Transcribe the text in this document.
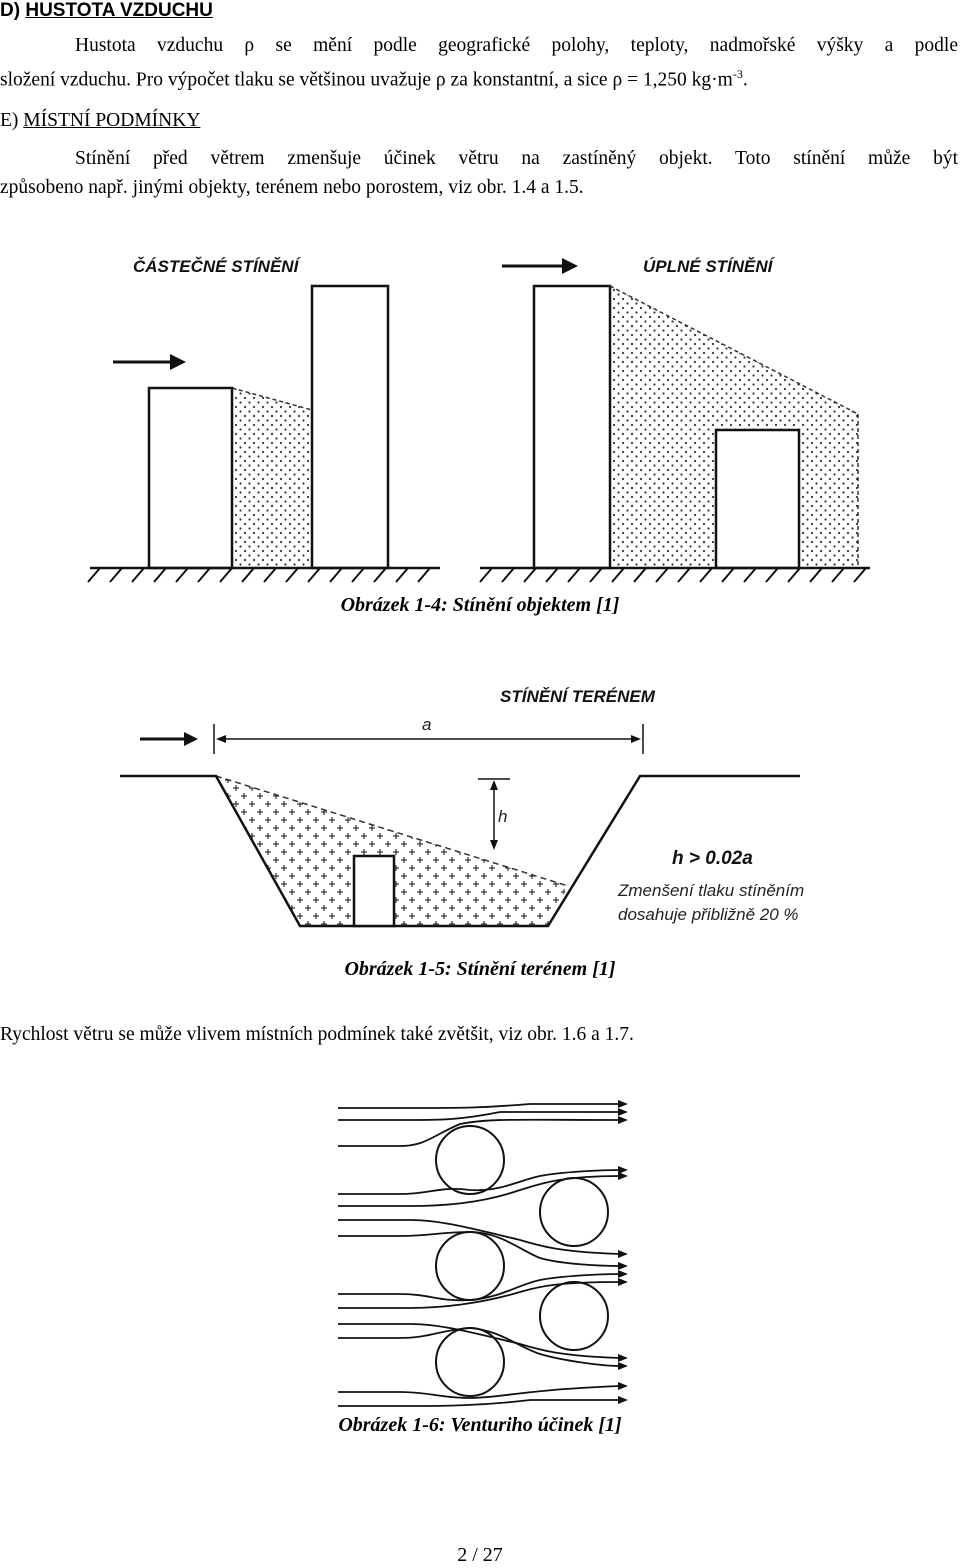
D) HUSTOTA VZDUCHU
Hustota vzduchu ρ se mění podle geografické polohy, teploty, nadmořské výšky a podle
složení vzduchu. Pro výpočet tlaku se většinou uvažuje ρ za konstantní, a sice ρ = 1,250 $kg\cdot m^{-3}$.
E) MÍSTNÍ PODMÍNKY
Stínění před větrem zmenšuje účinek větru na zastíněný objekt. Toto stínění může být
způsobeno např. jinými objekty, terénem nebo porostem, viz obr. 1.4 a 1.5.
ČÁSTEČNÉ STÍNĚNÍ	ÚPLNÉ STÍNĚNÍ
Obrázek 1-4: Stínění objektem [1]
a
h
STÍNĚNÍ TERÉNEM
h > 0.02a
Zmenšení tlaku stíněním
dosahuje přibližně 20 %
Obrázek 1-5: Stínění terénem [1]
Rychlost větru se může vlivem místních podmínek také zvětšit, viz obr. 1.6 a 1.7.
Obrázek 1-6: Venturiho účinek [1]
2 / 27
